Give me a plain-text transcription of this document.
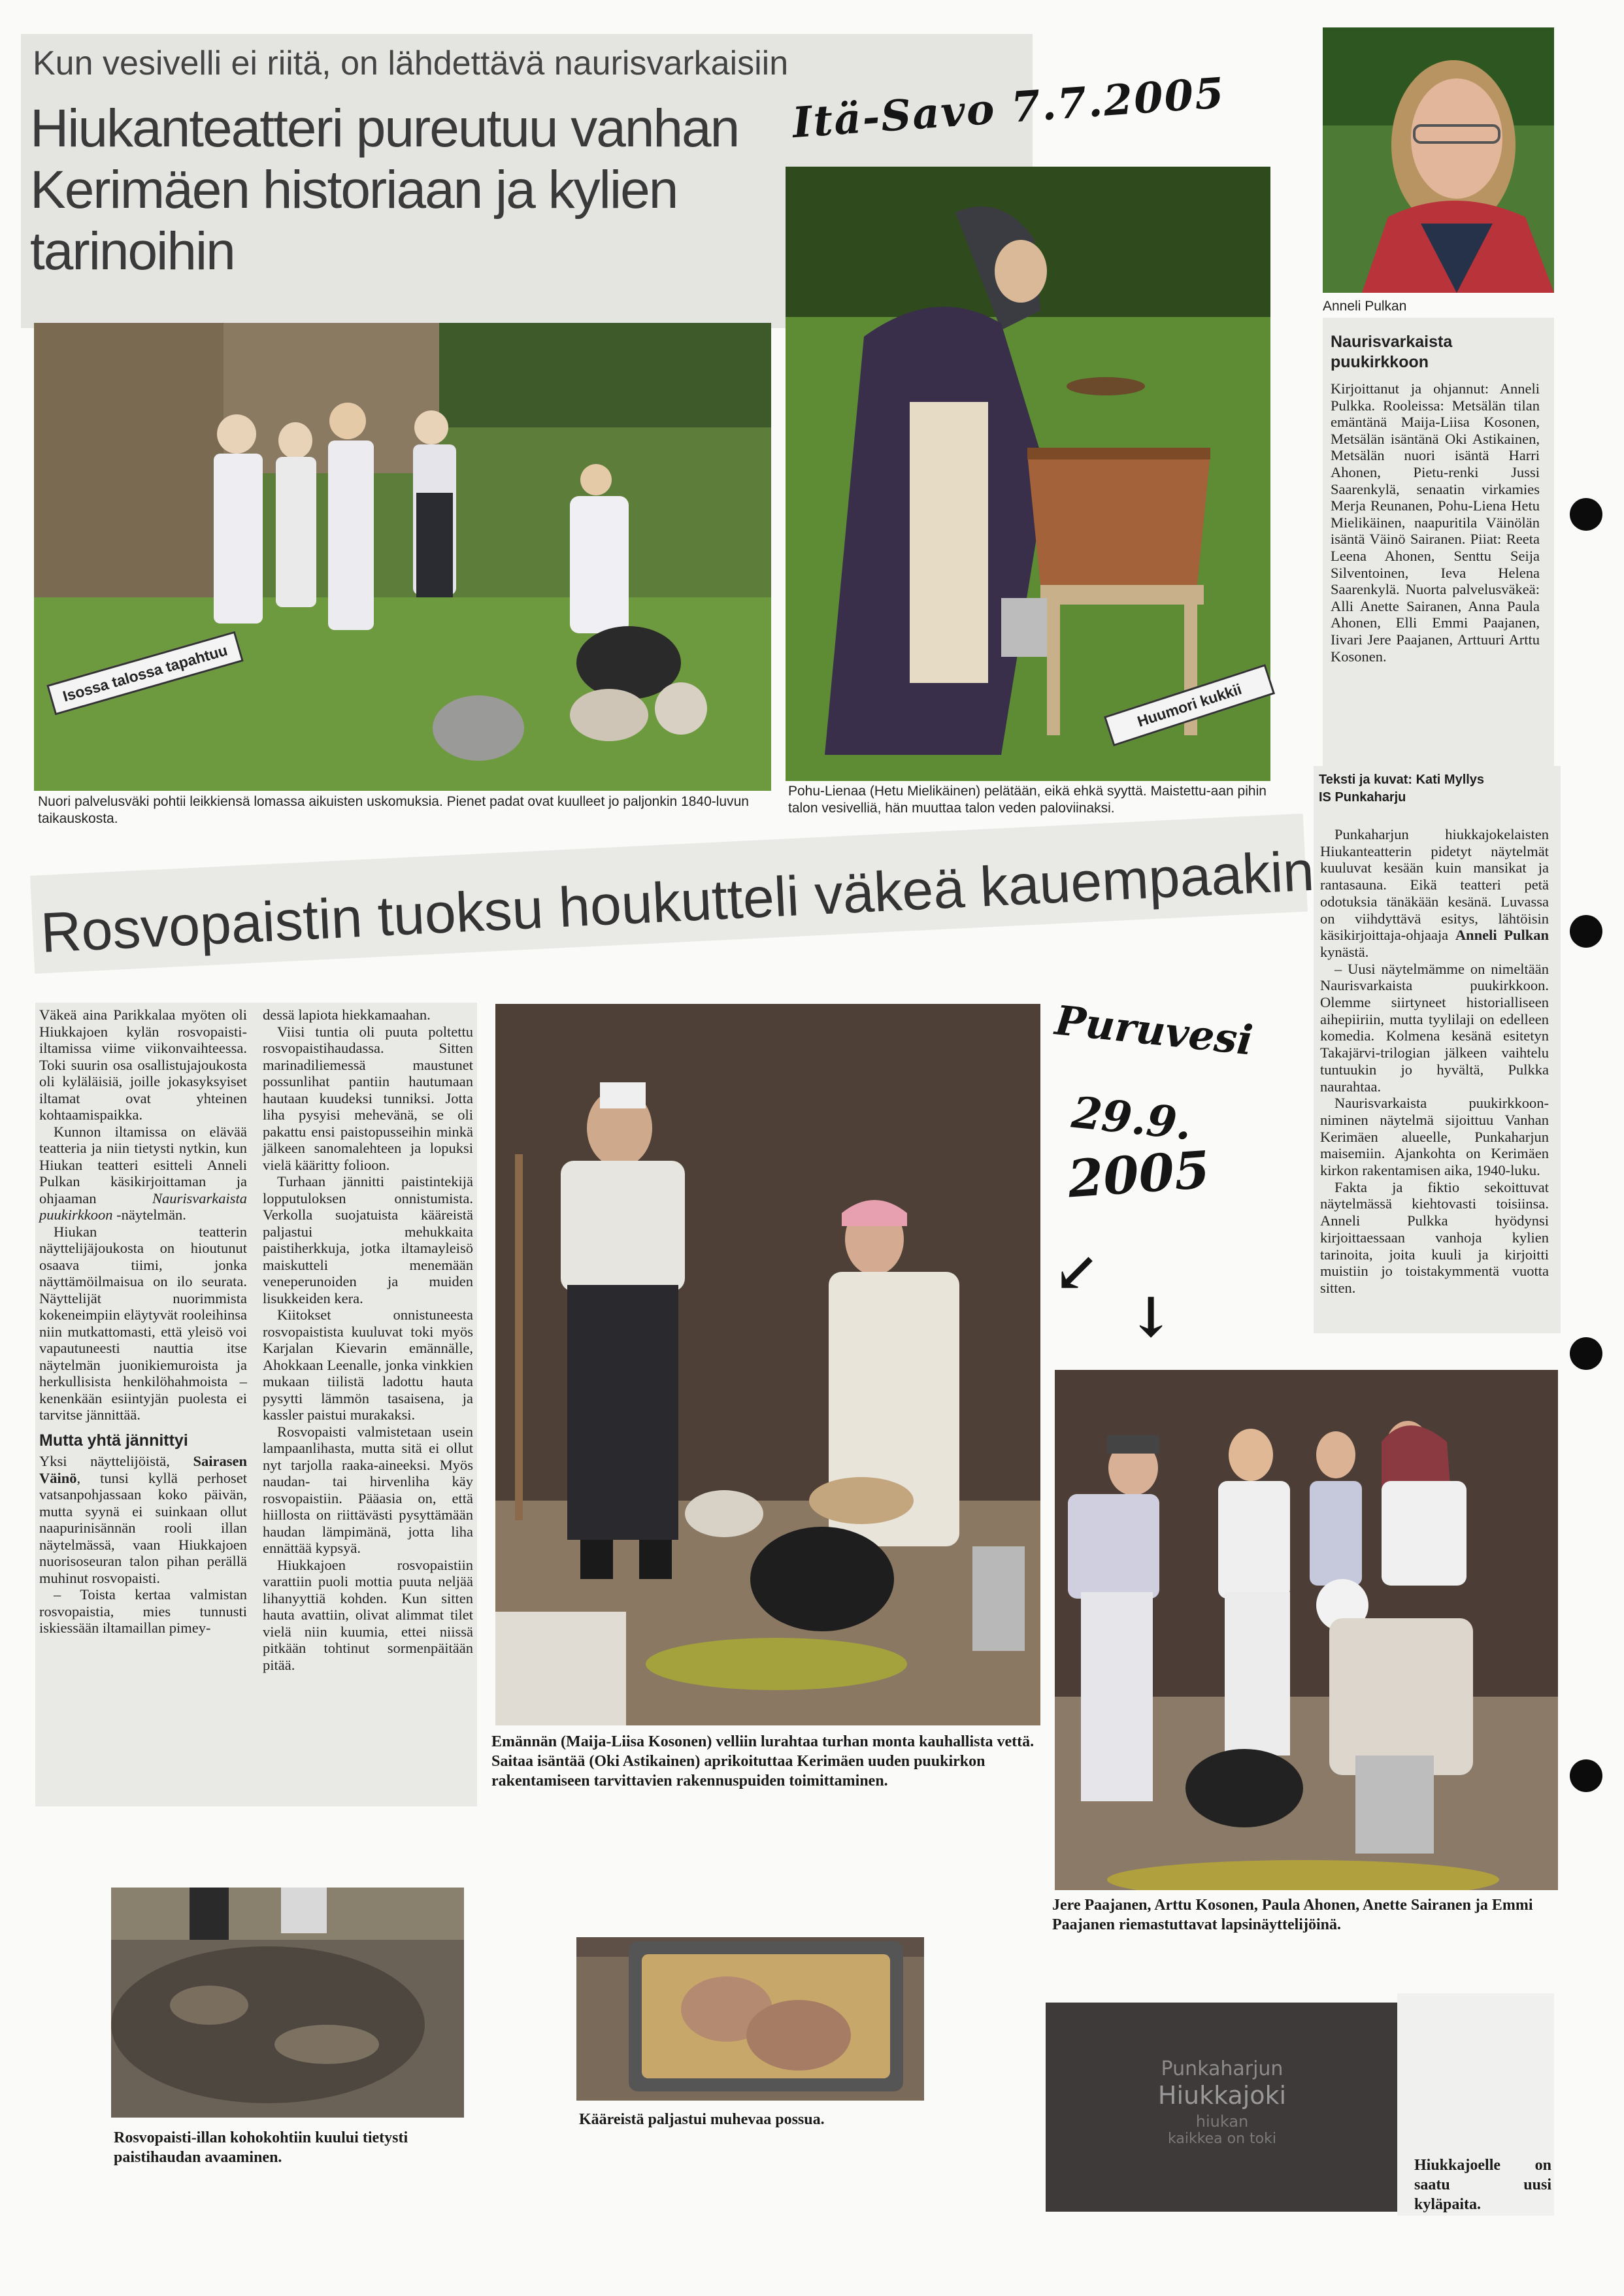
Kun vesivelli ei riitä, on lähdettävä naurisvarkaisiin
Hiukanteatteri pureutuu vanhan Kerimäen historiaan ja kylien tarinoihin
Itä-Savo 7.7.2005
Isossa talossa tapahtuu
Nuori palvelusväki pohtii leikkiensä lomassa aikuisten uskomuksia. Pienet padat ovat kuulleet jo paljonkin 1840-luvun taikauskosta.
Huumori kukkii
Pohu-Lienaa (Hetu Mielikäinen) pelätään, eikä ehkä syyttä. Maistettu-aan pihin talon vesivelliä, hän muuttaa talon veden paloviinaksi.
Anneli Pulkan
Naurisvarkaista puukirkkoon
Kirjoittanut ja ohjannut: Anneli Pulkka. Rooleissa: Metsälän tilan emäntänä Maija-Liisa Kosonen, Metsälän isäntänä Oki Astikainen, Metsälän nuori isäntä Harri Ahonen, Pietu-renki Jussi Saarenkylä, senaatin virkamies Merja Reunanen, Pohu-Liena Hetu Mielikäinen, naapuritila Väinölän isäntä Väinö Sairanen. Piiat: Reeta Leena Ahonen, Senttu Seija Silventoinen, Ieva Helena Saarenkylä. Nuorta palvelusväkeä: Alli Anette Sairanen, Anna Paula Ahonen, Elli Emmi Paajanen, Iivari Jere Paajanen, Arttuuri Arttu Kosonen.
Teksti ja kuvat: Kati Myllys
IS Punkaharju

Punkaharjun hiukkajokelaisten Hiukanteatterin pidetyt näytelmät kuuluvat kesään kuin mansikat ja rantasauna. Eikä teatteri petä odotuksia tänäkään kesänä. Luvassa on viihdyttävä esitys, lähtöisin käsikirjoittaja-ohjaaja Anneli Pulkan kynästä.

– Uusi näytelmämme on nimeltään Naurisvarkaista puukirkkoon. Olemme siirtyneet historialliseen aihepiiriin, mutta tyylilaji on edelleen komedia. Kolmena kesänä esitetyn Takajärvi-trilogian jälkeen vaihtelu tuntuukin jo hyvältä, Pulkka naurahtaa.

Naurisvarkaista puukirkkoon-niminen näytelmä sijoittuu Vanhan Kerimäen alueelle, Punkaharjun maisemiin. Ajankohta on Kerimäen kirkon rakentamisen aika, 1940-luku.

Fakta ja fiktio sekoittuvat näytelmässä kiehtovasti toisiinsa. Anneli Pulkka hyödynsi kirjoittaessaan vanhoja kylien tarinoita, joita kuuli ja kirjoitti muistiin jo toistakymmentä vuotta sitten.

Rosvopaistin tuoksu houkutteli väkeä kauempaakin

Väkeä aina Parikkalaa myöten oli Hiukkajoen kylän rosvopaisti-iltamissa viime viikonvaihteessa. Toki suurin osa osallistujajoukosta oli kyläläisiä, joille jokasyksyiset iltamat ovat yhteinen kohtaamispaikka.

Kunnon iltamissa on elävää teatteria ja niin tietysti nytkin, kun Hiukan teatteri esitteli Anneli Pulkan käsikirjoittaman ja ohjaaman	Naurisvarkaista puukirkkoon -näytelmän.

Hiukan teatterin näyttelijäjoukosta on hioutunut osaava tiimi, jonka näyttämöilmaisua on ilo seurata. Näyttelijät nuorimmista kokeneimpiin eläytyvät rooleihinsa niin mutkattomasti, että yleisö voi vapautuneesti nauttia itse näytelmän juonikiemuroista ja herkullisista henkilöhahmoista – kenenkään esiintyjän puolesta ei tarvitse jännittää.

Mutta yhtä jännittyi

Yksi näyttelijöistä, Sairasen Väinö, tunsi kyllä perhoset vatsanpohjassaan koko päivän, mutta syynä ei suinkaan ollut naapurinisännän rooli illan näytelmässä, vaan Hiukkajoen nuorisoseuran talon pihan perällä muhinut rosvopaisti.

– Toista kertaa valmistan rosvopaistia, mies tunnusti iskiessään iltamaillan pimey-

dessä lapiota hiekkamaahan.

Viisi tuntia oli puuta poltettu rosvopaistihaudassa. Sitten marinadiliemessä maustunet possunlihat pantiin hautumaan hautaan kuudeksi tunniksi. Jotta liha pysyisi mehevänä, se oli pakattu ensi paistopusseihin minkä jälkeen sanomalehteen ja lopuksi vielä kääritty folioon.

Turhaan jännitti paistintekijä lopputuloksen onnistumista. Verkolla suojatuista kääreistä paljastui mehukkaita paistiherkkuja, jotka iltamayleisö maiskutteli menemään veneperunoiden ja muiden lisukkeiden kera.

Kiitokset onnistuneesta rosvopaistista kuuluvat toki myös Karjalan Kievarin emännälle, Ahokkaan Leenalle, jonka vinkkien mukaan tiilistä ladottu hauta pysytti lämmön tasaisena, ja kassler paistui murakaksi.

Rosvopaisti valmistetaan usein lampaanlihasta, mutta sitä ei ollut nyt tarjolla raaka-aineeksi. Myös naudan- tai hirvenliha käy rosvopaistiin. Pääasia on, että hiillosta on riittävästi pysyttämään haudan lämpimänä, jotta liha ennättää kypsyä.

Hiukkajoen rosvopaistiin varattiin puoli mottia puuta neljää lihanyyttiä kohden. Kun sitten hauta avattiin, olivat alimmat tilet vielä niin kuumia, ettei niissä pitkään tohtinut sormenpäitään pitää.

Emännän (Maija-Liisa Kosonen) velliin lurahtaa turhan monta kauhallista vettä. Saitaa isäntää (Oki Astikainen) aprikoituttaa Kerimäen uuden puukirkon rakentamiseen tarvittavien rakennuspuiden toimittaminen.
Puruvesi
29.9.
2005
↙
↓
Jere Paajanen, Arttu Kosonen, Paula Ahonen, Anette Sairanen ja Emmi Paajanen riemastuttavat lapsinäyttelijöinä.
Rosvopaisti-illan kohokohtiin kuului tietysti paistihaudan avaaminen.
Kääreistä paljastui muhevaa possua.
Punkaharjun
Hiukkajoki
hiukan
kaikkea on toki
Hiukkajoelle on saatu uusi kyläpaita.
